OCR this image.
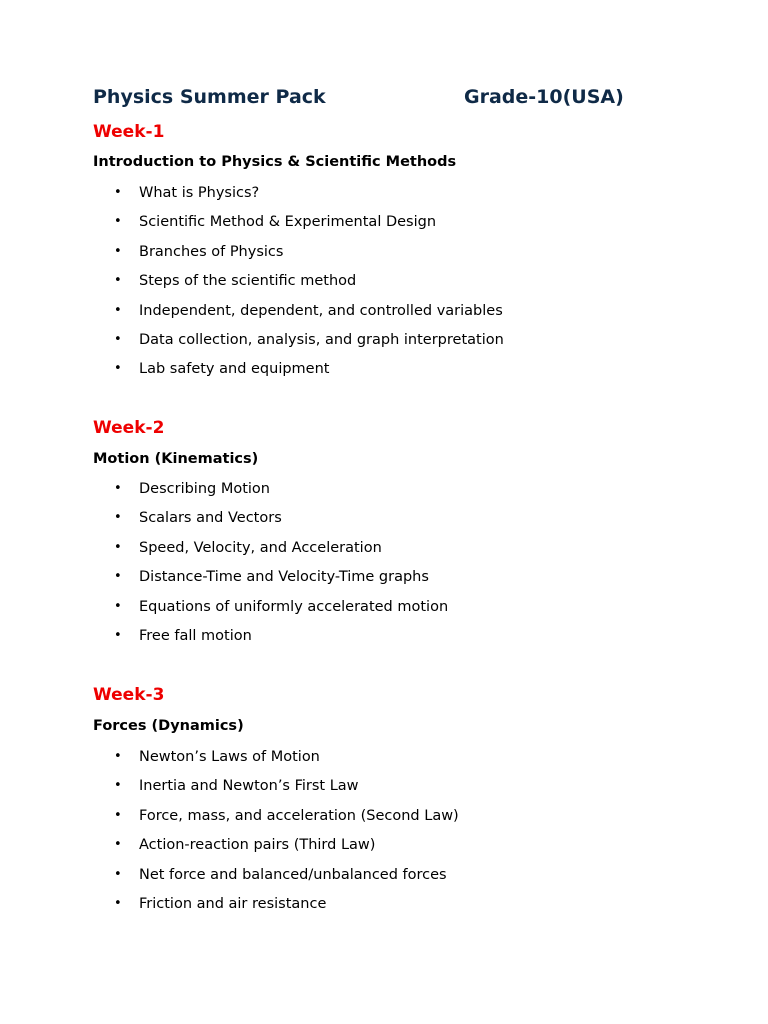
Physics Summer Pack	Grade-10(USA)
Week-1
Introduction to Physics & Scientific Methods
• What is Physics?
• Scientific Method & Experimental Design
• Branches of Physics
• Steps of the scientific method
• Independent, dependent, and controlled variables
• Data collection, analysis, and graph interpretation
• Lab safety and equipment
Week-2
Motion (Kinematics)
• Describing Motion
• Scalars and Vectors
• Speed, Velocity, and Acceleration
• Distance-Time and Velocity-Time graphs
• Equations of uniformly accelerated motion
• Free fall motion
Week-3
Forces (Dynamics)
• Newton’s Laws of Motion
• Inertia and Newton’s First Law
• Force, mass, and acceleration (Second Law)
• Action-reaction pairs (Third Law)
• Net force and balanced/unbalanced forces
• Friction and air resistance
